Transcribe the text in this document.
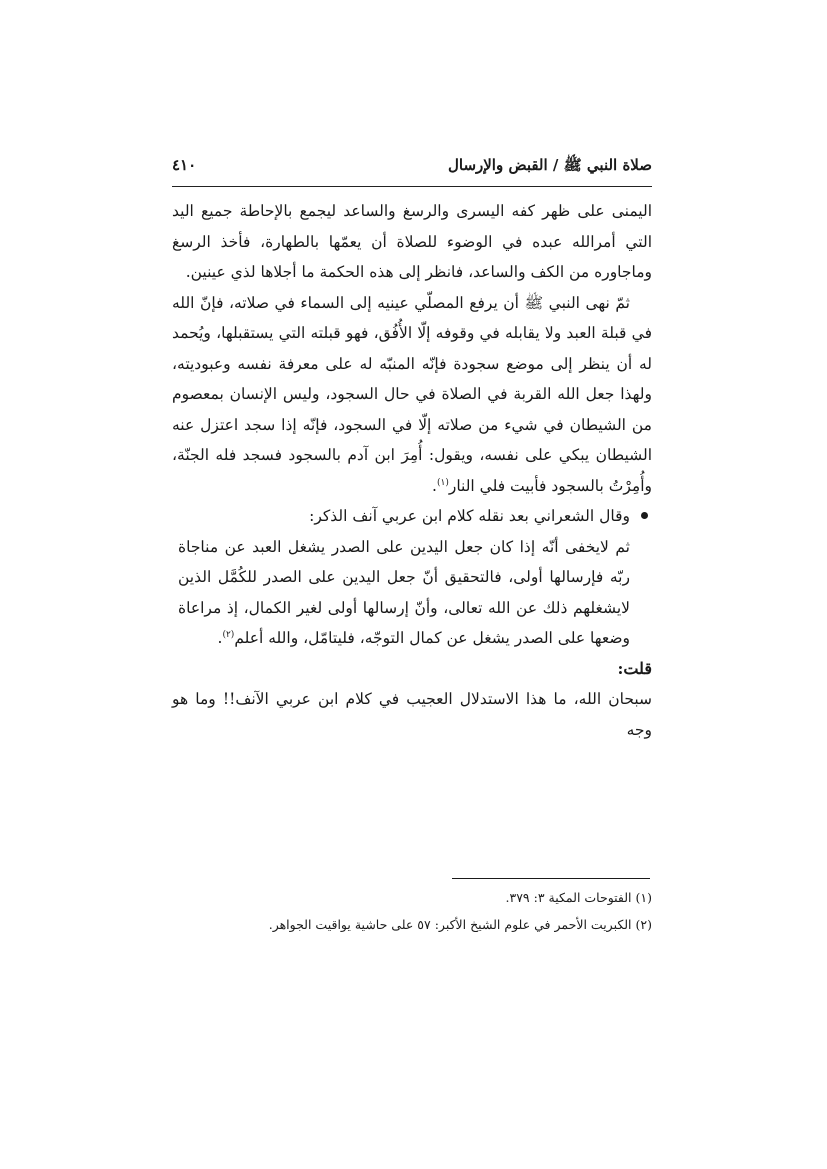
صلاة النبي ﷺ / القبض والإرسال
٤١٠

اليمنى على ظهر كفه اليسرى والرسغ والساعد ليجمع بالإحاطة جميع اليد التي أمرالله عبده في الوضوء للصلاة أن يعمّها بالطهارة، فأخذ الرسغ وماجاوره من الكف والساعد، فانظر إلى هذه الحكمة ما أجلاها لذي عينين.

ثمّ نهى النبي ﷺ أن يرفع المصلّي عينيه إلى السماء في صلاته، فإنّ الله في قبلة العبد ولا يقابله في وقوفه إلّا الأُفُق، فهو قبلته التي يستقبلها، ويُحمد له أن ينظر إلى موضع سجودة فإنّه المنبّه له على معرفة نفسه وعبوديته، ولهذا جعل الله القربة في الصلاة في حال السجود، وليس الإنسان بمعصوم من الشيطان في شيء من صلاته إلّا في السجود، فإنّه إذا سجد اعتزل عنه الشيطان يبكي على نفسه، ويقول: أُمِرَ ابن آدم بالسجود فسجد فله الجنّة، وأُمِرْتُ بالسجود فأبيت فلي النار$^{(١)}$.

وقال الشعراني بعد نقله كلام ابن عربي آنف الذكر:

ثم لايخفى أنّه إذا كان جعل اليدين على الصدر يشغل العبد عن مناجاة ربّه فإرسالها أولى، فالتحقيق أنّ جعل اليدين على الصدر للكُمَّل الذين لايشغلهم ذلك عن الله تعالى، وأنّ إرسالها أولى لغير الكمال، إذ مراعاة وضعها على الصدر يشغل عن كمال التوجّه، فليتامّل، والله أعلم$^{(٢)}$.

قلت:

سبحان الله، ما هذا الاستدلال العجيب في كلام ابن عربي الآنف!! وما هو وجه

(١) الفتوحات المكية ٣: ٣٧٩.

(٢) الكبريت الأحمر في علوم الشيخ الأكبر: ٥٧ على حاشية يواقيت الجواهر.
